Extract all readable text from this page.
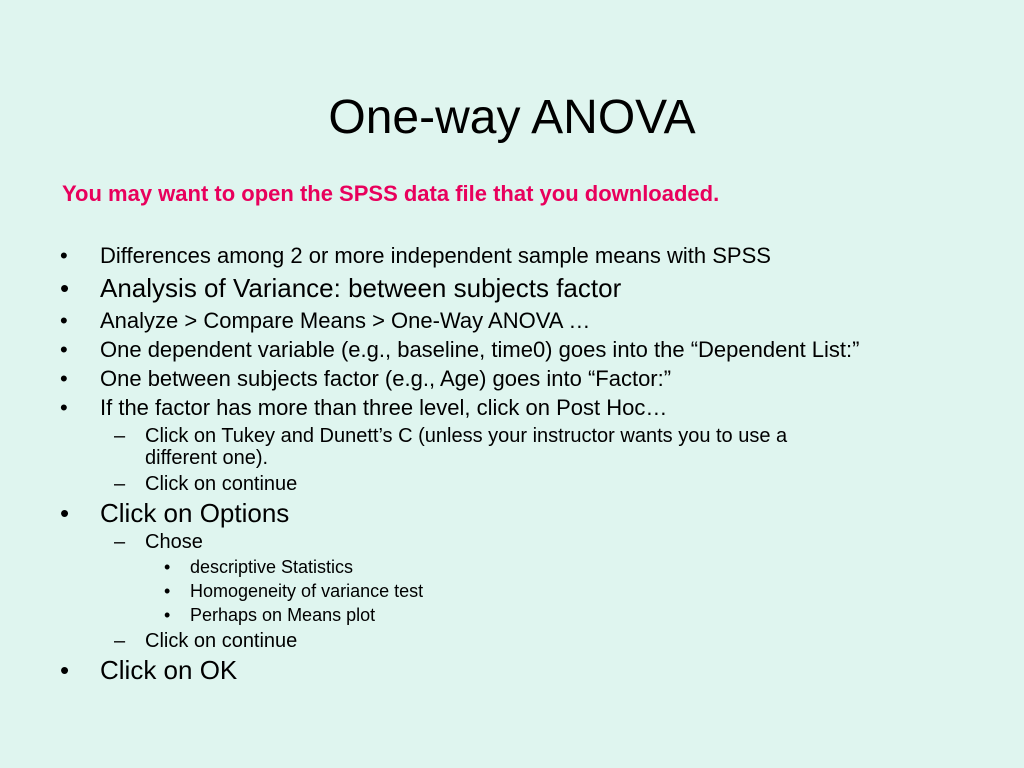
One-way ANOVA

You may want to open the SPSS data file that you downloaded.

• Differences among 2 or more independent sample means with SPSS
• Analysis of Variance: between subjects factor
• Analyze > Compare Means > One-Way ANOVA …
• One dependent variable (e.g., baseline, time0) goes into the “Dependent List:”
• One between subjects factor (e.g., Age) goes into “Factor:”
• If the factor has more than three level, click on Post Hoc…
– Click on Tukey and Dunett’s C (unless your instructor wants you to use a
different one).
– Click on continue
• Click on Options
– Chose
• descriptive Statistics
• Homogeneity of variance test
• Perhaps on Means plot
– Click on continue
• Click on OK
